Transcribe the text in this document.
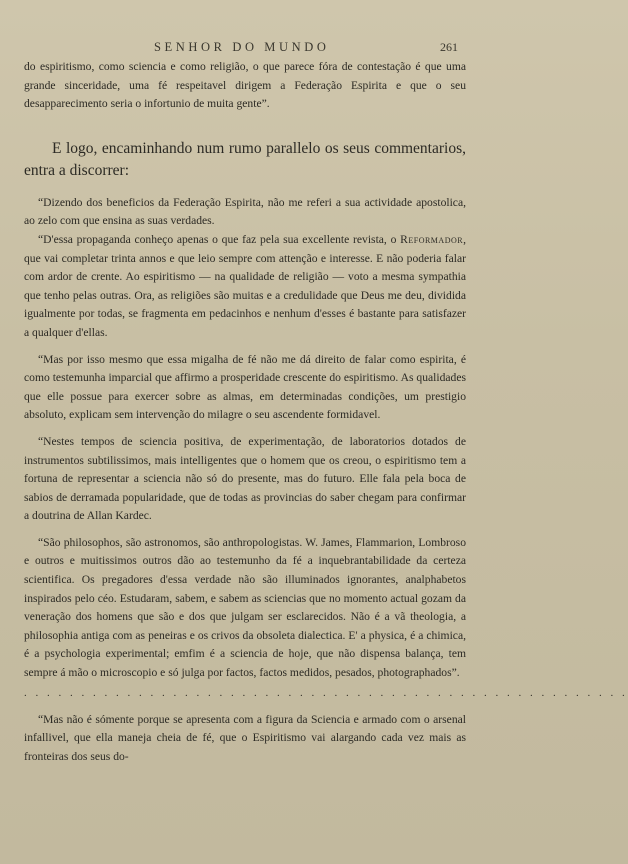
SENHOR DO MUNDO	261

do espiritismo, como sciencia e como religião, o que parece fóra de contestação é que uma grande sinceridade, uma fé respeitavel dirigem a Federação Espirita e que o seu desapparecimento seria o infortunio de muita gente”.

E logo, encaminhando num rumo parallelo os seus commentarios, entra a discorrer:

“Dizendo dos beneficios da Federação Espirita, não me referi a sua actividade apostolica, ao zelo com que ensina as suas verdades.

“D'essa propaganda conheço apenas o que faz pela sua excellente revista, o Reformador, que vai completar trinta annos e que leio sempre com attenção e interesse. E não poderia falar com ardor de crente. Ao espiritismo — na qualidade de religião — voto a mesma sympathia que tenho pelas outras. Ora, as religiões são muitas e a credulidade que Deus me deu, dividida igualmente por todas, se fragmenta em pedacinhos e nenhum d'esses é bastante para satisfazer a qualquer d'ellas.

“Mas por isso mesmo que essa migalha de fé não me dá direito de falar como espirita, é como testemunha imparcial que affirmo a prosperidade crescente do espiritismo. As qualidades que elle possue para exercer sobre as almas, em determinadas condições, um prestigio absoluto, explicam sem intervenção do milagre o seu ascendente formidavel.

“Nestes tempos de sciencia positiva, de experimentação, de laboratorios dotados de instrumentos subtilissimos, mais intelligentes que o homem que os creou, o espiritismo tem a fortuna de representar a sciencia não só do presente, mas do futuro. Elle fala pela boca de sabios de derramada popularidade, que de todas as provincias do saber chegam para confirmar a doutrina de Allan Kardec.

“São philosophos, são astronomos, são anthropologistas. W. James, Flammarion, Lombroso e outros e muitissimos outros dão ao testemunho da fé a inquebrantabilidade da certeza scientifica. Os pregadores d'essa verdade não são illuminados ignorantes, analphabetos inspirados pelo céo. Estudaram, sabem, e sabem as sciencias que no momento actual gozam da veneração dos homens que são e dos que julgam ser esclarecidos. Não é a vã theologia, a philosophia antiga com as peneiras e os crivos da obsoleta dialectica. E' a physica, é a chimica, é a psychologia experimental; emfim é a sciencia de hoje, que não dispensa balança, tem sempre á mão o microscopio e só julga por factos, factos medidos, pesados, photographados”.

. . . . . . . . . . . . . . . . . . . . . . . . . . . . . . . . . . . . . . . . . . . . . . . . . . . . .

“Mas não é sómente porque se apresenta com a figura da Sciencia e armado com o arsenal infallivel, que ella maneja cheia de fé, que o Espiritismo vai alargando cada vez mais as fronteiras dos seus do-
